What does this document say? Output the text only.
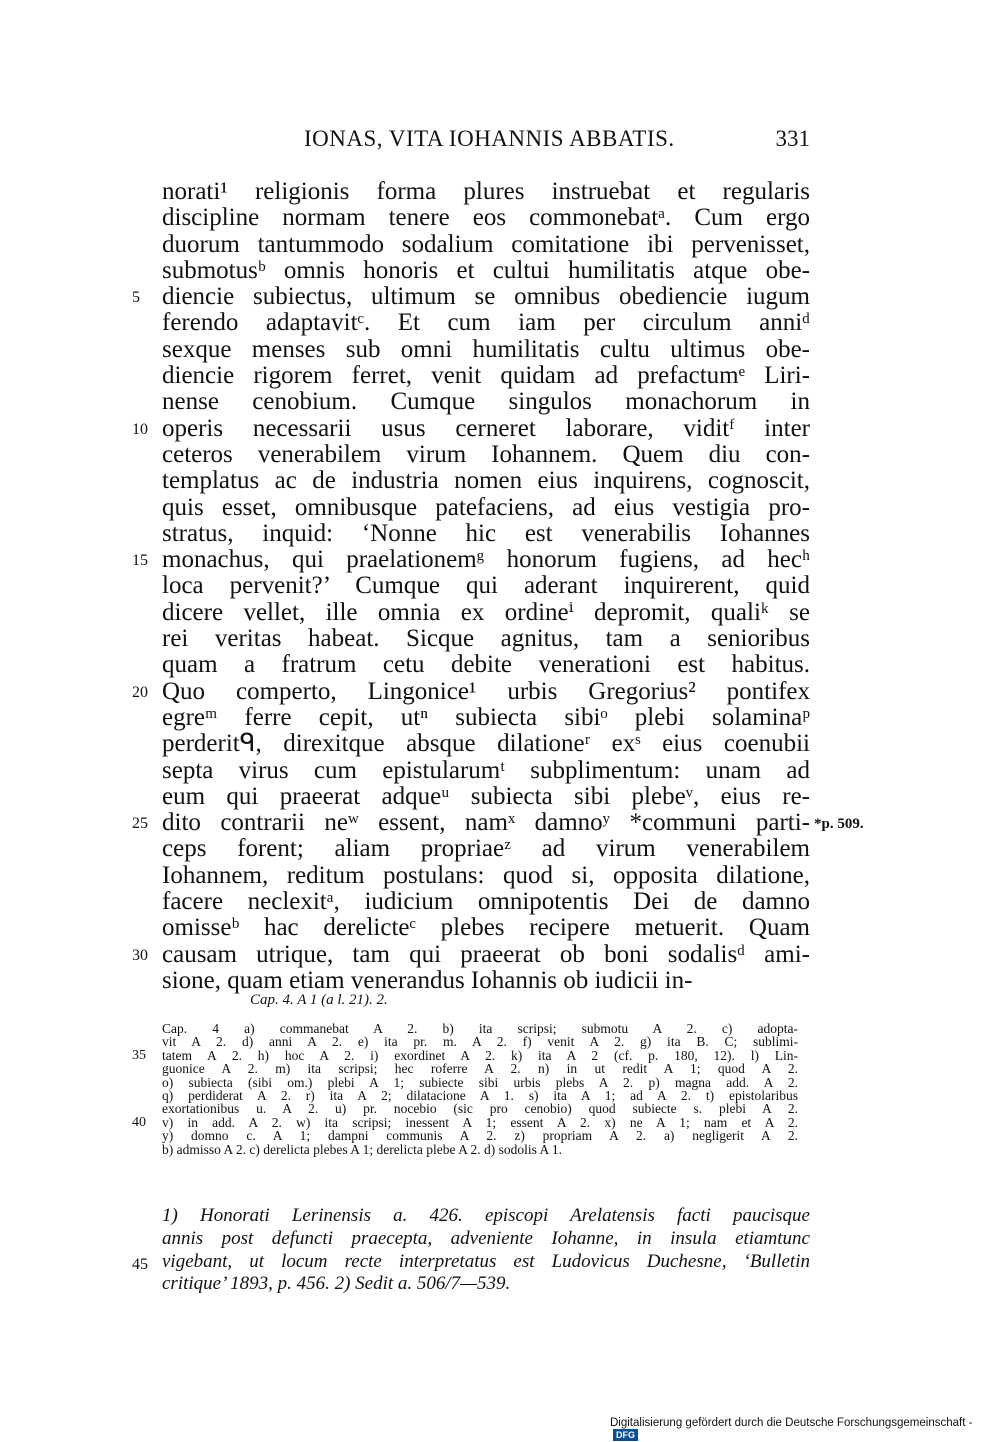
IONAS, VITA IOHANNIS ABBATIS.	331
norati¹ religionis forma plures instruebat et regularis
discipline normam tenere eos commonebatᵃ. Cum ergo
duorum tantummodo sodalium comitatione ibi pervenisset,
submotusᵇ omnis honoris et cultui humilitatis atque obe-
diencie subiectus, ultimum se omnibus obediencie iugum
5
ferendo adaptavitᶜ. Et cum iam per circulum anniᵈ
sexque menses sub omni humilitatis cultu ultimus obe-
diencie rigorem ferret, venit quidam ad prefactumᵉ Liri-
nense cenobium. Cumque singulos monachorum in
operis necessarii usus cerneret laborare, viditᶠ inter
10
ceteros venerabilem virum Iohannem. Quem diu con-
templatus ac de industria nomen eius inquirens, cognoscit,
quis esset, omnibusque patefaciens, ad eius vestigia pro-
stratus, inquid: ‘Nonne hic est venerabilis Iohannes
monachus, qui praelationemᵍ honorum fugiens, ad hecʰ
15
loca pervenit?’ Cumque qui aderant inquirerent, quid
dicere vellet, ille omnia ex ordineⁱ depromit, qualiᵏ se
rei veritas habeat. Sicque agnitus, tam a senioribus
quam a fratrum cetu debite venerationi est habitus.
Quo comperto, Lingonice¹ urbis Gregorius² pontifex
20
egreᵐ ferre cepit, utⁿ subiecta sibiᵒ plebi solaminaᵖ
perderitᑫ, direxitque absque dilationeʳ exˢ eius coenubii
septa virus cum epistularumᵗ subplimentum: unam ad
eum qui praeerat adqueᵘ subiecta sibi plebeᵛ, eius re-
dito contrarii neʷ essent, namˣ damnoʸ *communi parti-
25	*p. 509.
ceps forent; aliam propriaeᶻ ad virum venerabilem
Iohannem, reditum postulans: quod si, opposita dilatione,
facere neclexitᵃ, iudicium omnipotentis Dei de damno
omisseᵇ hac derelicteᶜ plebes recipere metuerit. Quam
causam utrique, tam qui praeerat ob boni sodalisᵈ ami-
30
sione, quam etiam venerandus Iohannis ob iudicii in-
Cap. 4. A 1 (a l. 21). 2.
Cap. 4 a) commanebat A 2. b) ita scripsi; submotu A 2. c) adopta-
vit A 2. d) anni A 2. e) ita pr. m. A 2. f) venit A 2. g) ita B. C; sublimi-
tatem A 2. h) hoc A 2. i) exordinet A 2. k) ita A 2 (cf. p. 180, 12). l) Lin-
35
guonice A 2. m) ita scripsi; hec roferre A 2. n) in ut redit A 1; quod A 2.
o) subiecta (sibi om.) plebi A 1; subiecte sibi urbis plebs A 2. p) magna add. A 2.
q) perdiderat A 2. r) ita A 2; dilatacione A 1. s) ita A 1; ad A 2. t) epistolaribus
exortationibus u. A 2. u) pr. nocebio (sic pro cenobio) quod subiecte s. plebi A 2.
v) in add. A 2. w) ita scripsi; inessent A 1; essent A 2. x) ne A 1; nam et A 2.
40
y) domno c. A 1; dampni communis A 2. z) propriam A 2. a) negligerit A 2.
b) admisso A 2. c) derelicta plebes A 1; derelicta plebe A 2. d) sodolis A 1.
1) Honorati Lerinensis a. 426. episcopi Arelatensis facti paucisque
annis post defuncti praecepta, adveniente Iohanne, in insula etiamtunc
vigebant, ut locum recte interpretatus est Ludovicus Duchesne, ‘Bulletin
45
critique’ 1893, p. 456. 2) Sedit a. 506/7—539.
Digitalisierung gefördert durch die Deutsche Forschungsgemeinschaft -DFG
